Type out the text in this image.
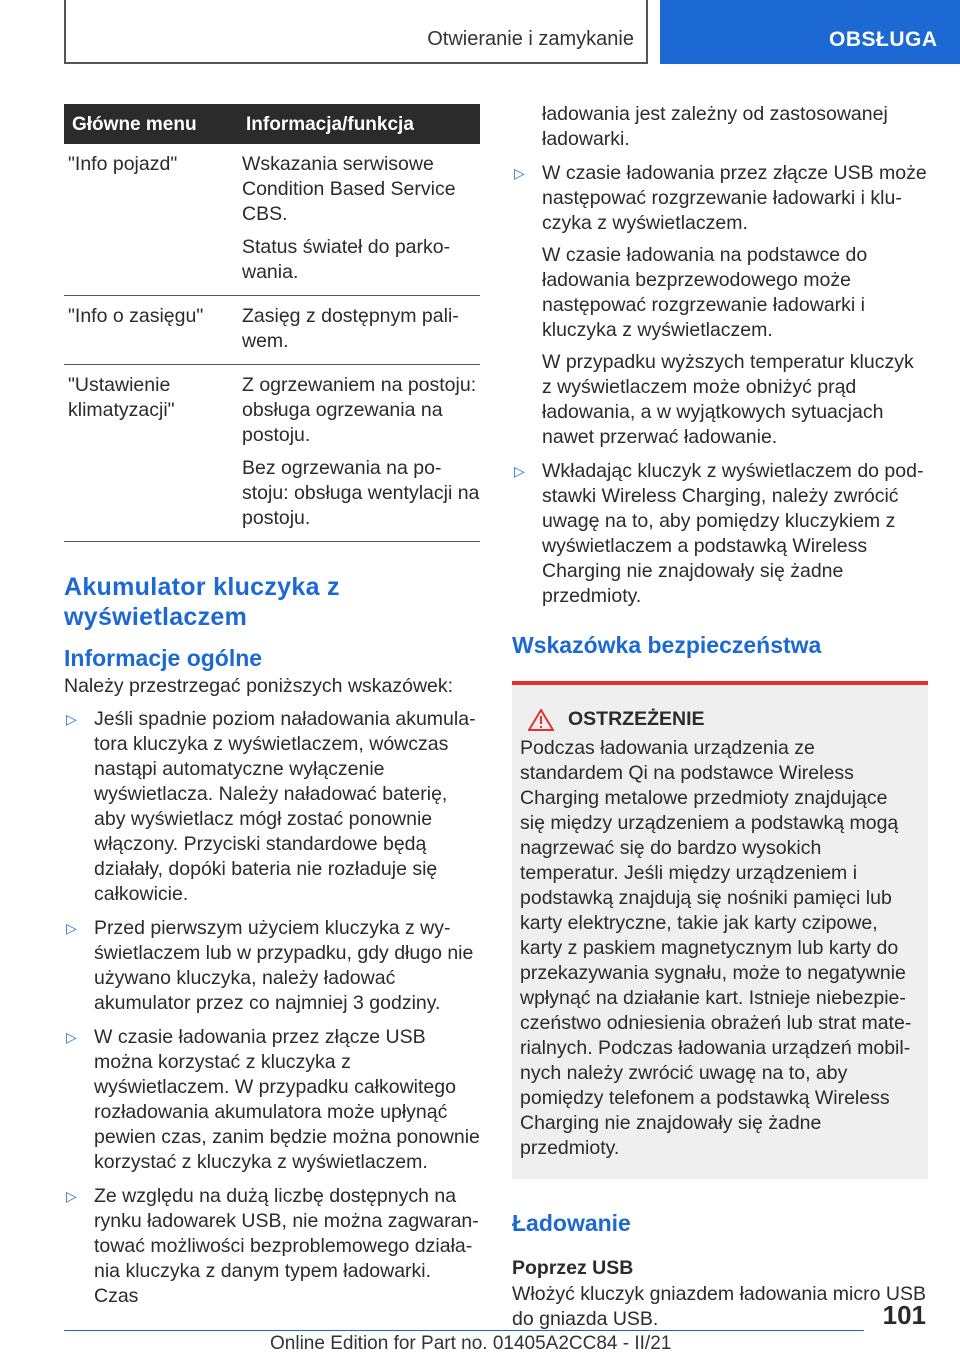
Otwieranie i zamykanie	OBSŁUGA
Główne menu	Informacja/funkcja
"Info pojazd"	Wskazania serwisowe Condition Based Service CBS.

Status świateł do parkowania.

"Info o zasięgu"	Zasięg z dostępnym paliwem.

"Ustawienie klimatyzacji"	Z ogrzewaniem na postoju: obsługa ogrzewania na postoju.

Bez ogrzewania na postoju: obsługa wentylacji na postoju.

Akumulator kluczyka z wyświetlaczem
Informacje ogólne

Należy przestrzegać poniższych wskazówek:

▷ Jeśli spadnie poziom naładowania akumulatora kluczyka z wyświetlaczem, wówczas nastąpi automatyczne wyłączenie wyświetlacza. Należy naładować baterię, aby wyświetlacz mógł zostać ponownie włączony. Przyciski standardowe będą działały, dopóki bateria nie rozładuje się całkowicie.

▷ Przed pierwszym użyciem kluczyka z wyświetlaczem lub w przypadku, gdy długo nie używano kluczyka, należy ładować akumulator przez co najmniej 3 godziny.

▷ W czasie ładowania przez złącze USB można korzystać z kluczyka z wyświetlaczem. W przypadku całkowitego rozładowania akumulatora może upłynąć pewien czas, zanim będzie można ponownie korzystać z kluczyka z wyświetlaczem.

▷ Ze względu na dużą liczbę dostępnych na rynku ładowarek USB, nie można zagwarantować możliwości bezproblemowego działania kluczyka z danym typem ładowarki. Czas

ładowania jest zależny od zastosowanej ładowarki.

▷ W czasie ładowania przez złącze USB może następować rozgrzewanie ładowarki i kluczyka z wyświetlaczem.

W czasie ładowania na podstawce do ładowania bezprzewodowego może następować rozgrzewanie ładowarki i kluczyka z wyświetlaczem.

W przypadku wyższych temperatur kluczyk z wyświetlaczem może obniżyć prąd ładowania, a w wyjątkowych sytuacjach nawet przerwać ładowanie.

▷ Wkładając kluczyk z wyświetlaczem do podstawki Wireless Charging, należy zwrócić uwagę na to, aby pomiędzy kluczykiem z wyświetlaczem a podstawką Wireless Charging nie znajdowały się żadne przedmioty.

Wskazówka bezpieczeństwa
OSTRZEŻENIE

Podczas ładowania urządzenia ze standardem Qi na podstawce Wireless Charging metalowe przedmioty znajdujące się między urządzeniem a podstawką mogą nagrzewać się do bardzo wysokich temperatur. Jeśli między urządzeniem i podstawką znajdują się nośniki pamięci lub karty elektryczne, takie jak karty czipowe, karty z paskiem magnetycznym lub karty do przekazywania sygnału, może to negatywnie wpłynąć na działanie kart. Istnieje niebezpieczeństwo odniesienia obrażeń lub strat materialnych. Podczas ładowania urządzeń mobilnych należy zwrócić uwagę na to, aby pomiędzy telefonem a podstawką Wireless Charging nie znajdowały się żadne przedmioty.

Ładowanie
Poprzez USB

Włożyć kluczyk gniazdem ładowania micro USB do gniazda USB.	101
Online Edition for Part no. 01405A2CC84 - II/21
